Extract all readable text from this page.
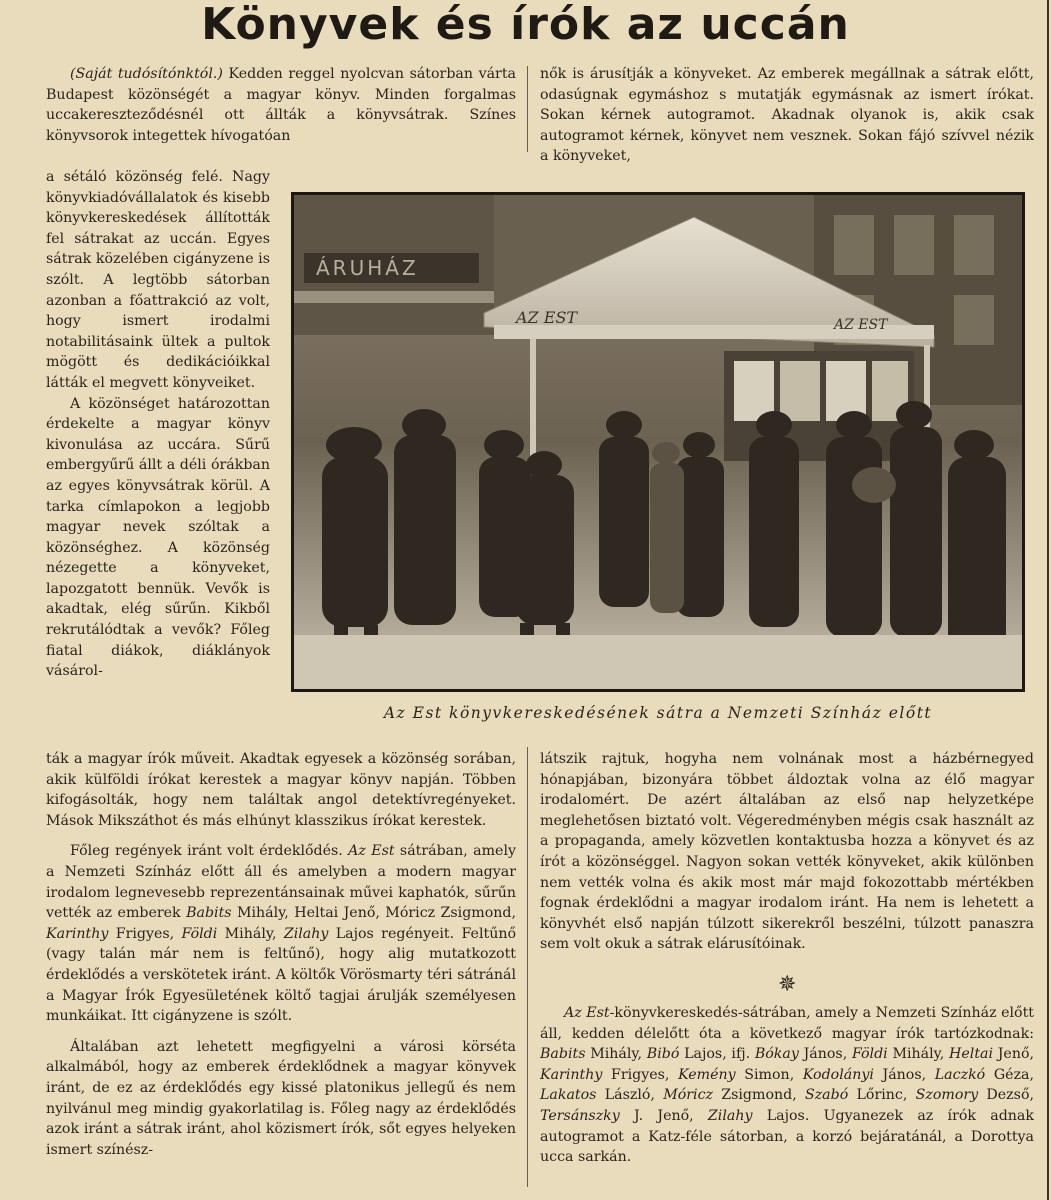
Könyvek és írók az uccán

(Saját tudósítónktól.) Kedden reggel nyolcvan sátorban várta Budapest közönségét a magyar könyv. Minden forgalmas uccakereszteződésnél ott állták a könyvsátrak. Színes könyvsorok integettek hívogatóan

a sétáló közönség felé. Nagy könyvkiadóvállalatok és kisebb könyvkereskedések állították fel sátrakat az uccán. Egyes sátrak közelében cigányzene is szólt. A legtöbb sátorban azonban a főattrakció az volt, hogy ismert irodalmi notabilitásaink ültek a pultok mögött és dedikációikkal látták el megvett könyveiket.

A közönséget határozottan érdekelte a magyar könyv kivonulása az uccára. Sűrű embergyűrű állt a déli órákban az egyes könyvsátrak körül. A tarka címlapokon a legjobb magyar nevek szóltak a közönséghez. A közönség nézegette a könyveket, lapozgatott bennük. Vevők is akadtak, elég sűrűn. Kikből rekrutálódtak a vevők? Főleg fiatal diákok, diáklányok vásárol-

nők is árusítják a könyveket. Az emberek megállnak a sátrak előtt, odasúgnak egymáshoz s mutatják egymásnak az ismert írókat. Sokan kérnek autogramot. Akadnak olyanok is, akik csak autogramot kérnek, könyvet nem vesznek. Sokan fájó szívvel nézik a könyveket,

ÁRUHÁZ
AZ EST	AZ EST
Az Est könyvkereskedésének sátra a Nemzeti Színház előtt

ták a magyar írók műveit. Akadtak egyesek a közönség sorában, akik külföldi írókat kerestek a magyar könyv napján. Többen kifogásolták, hogy nem találtak angol detektívregényeket. Mások Mikszáthot és más elhúnyt klasszikus írókat kerestek.

Főleg regények iránt volt érdeklődés. Az Est sátrában, amely a Nemzeti Színház előtt áll és amelyben a modern magyar irodalom legnevesebb reprezentánsainak művei kaphatók, sűrűn vették az emberek Babits Mihály, Heltai Jenő, Móricz Zsigmond, Karinthy Frigyes, Földi Mihály, Zilahy Lajos regényeit. Feltűnő (vagy talán már nem is feltűnő), hogy alig mutatkozott érdeklődés a verskötetek iránt. A költők Vörösmarty téri sátránál a Magyar Írók Egyesületének költő tagjai árulják személyesen munkáikat. Itt cigányzene is szólt.

Általában azt lehetett megfigyelni a városi körséta alkalmából, hogy az emberek érdeklődnek a magyar könyvek iránt, de ez az érdeklődés egy kissé platonikus jellegű és nem nyilvánul meg mindig gyakorlatilag is. Főleg nagy az érdeklődés azok iránt a sátrak iránt, ahol közismert írók, sőt egyes helyeken ismert színész-

látszik rajtuk, hogyha nem volnának most a házbérnegyed hónapjában, bizonyára többet áldoztak volna az élő magyar irodalomért. De azért általában az első nap helyzetképe meglehetősen biztató volt. Végeredményben mégis csak használt az a propaganda, amely közvetlen kontaktusba hozza a könyvet és az írót a közönséggel. Nagyon sokan vették könyveket, akik különben nem vették volna és akik most már majd fokozottabb mértékben fognak érdeklődni a magyar irodalom iránt. Ha nem is lehetett a könyvhét első napján túlzott sikerekről beszélni, túlzott panaszra sem volt okuk a sátrak elárusítóinak.

✵

Az Est-könyvkereskedés-sátrában, amely a Nemzeti Színház előtt áll, kedden délelőtt óta a következő magyar írók tartózkodnak: Babits Mihály, Bibó Lajos, ifj. Bókay János, Földi Mihály, Heltai Jenő, Karinthy Frigyes, Kemény Simon, Kodolányi János, Laczkó Géza, Lakatos László, Móricz Zsigmond, Szabó Lőrinc, Szomory Dezső, Tersánszky J. Jenő, Zilahy Lajos. Ugyanezek az írók adnak autogramot a Katz-féle sátorban, a korzó bejáratánál, a Dorottya ucca sarkán.
